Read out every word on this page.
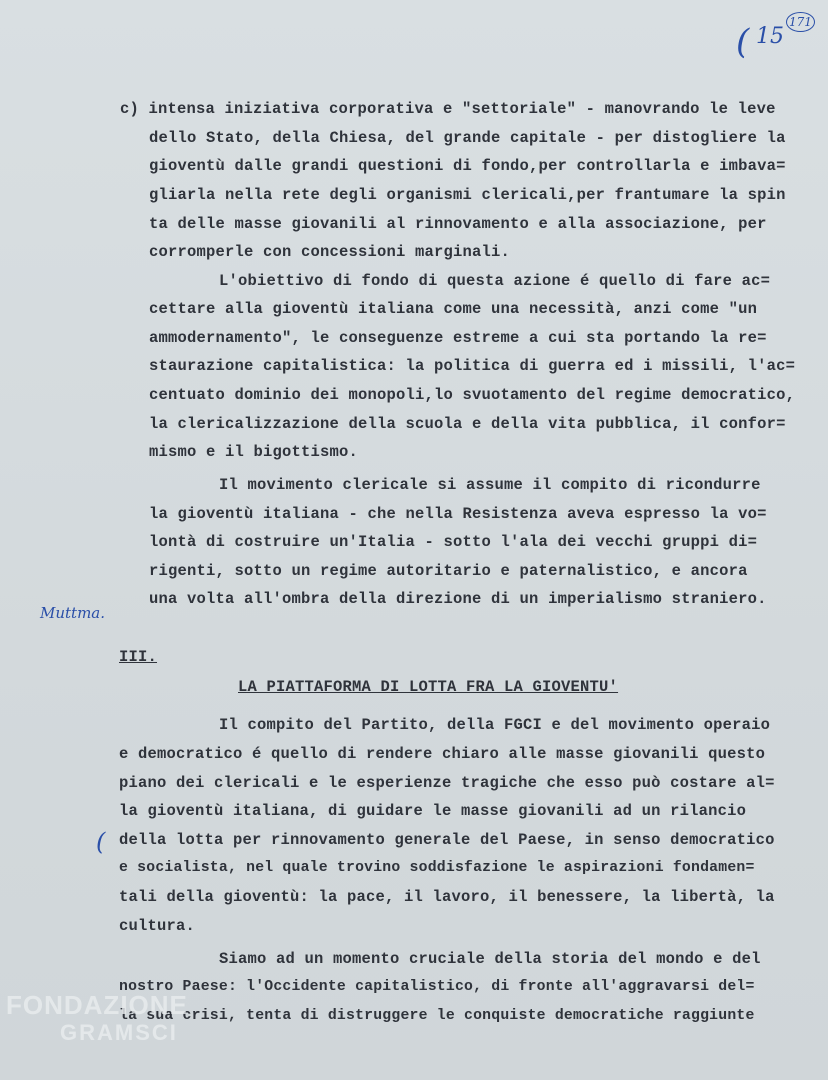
( 15
171
Muttma.
(
c) intensa iniziativa corporativa e "settoriale" - manovrando le leve
dello Stato, della Chiesa, del grande capitale - per distogliere la
gioventù dalle grandi questioni di fondo,per controllarla e imbava=
gliarla nella rete degli organismi clericali,per frantumare la spin
ta delle masse giovanili al rinnovamento e alla associazione, per
corromperle con concessioni marginali.
L'obiettivo di fondo di questa azione é quello di fare ac=
cettare alla gioventù italiana come una necessità, anzi come "un
ammodernamento", le conseguenze estreme a cui sta portando la re=
staurazione capitalistica: la politica di guerra ed i missili, l'ac=
centuato dominio dei monopoli,lo svuotamento del regime democratico,
la clericalizzazione della scuola e della vita pubblica, il confor=
mismo e il bigottismo.
Il movimento clericale si assume il compito di ricondurre
la gioventù italiana - che nella Resistenza aveva espresso la vo=
lontà di costruire un'Italia - sotto l'ala dei vecchi gruppi di=
rigenti, sotto un regime autoritario e paternalistico, e ancora
una volta all'ombra della direzione di un imperialismo straniero.
III.
LA PIATTAFORMA DI LOTTA FRA LA GIOVENTU'
Il compito del Partito, della FGCI e del movimento operaio
e democratico é quello di rendere chiaro alle masse giovanili questo
piano dei clericali e le esperienze tragiche che esso può costare al=
la gioventù italiana, di guidare le masse giovanili ad un rilancio
della lotta per rinnovamento generale del Paese, in senso democratico
e socialista, nel quale trovino soddisfazione le aspirazioni fondamen=
tali della gioventù: la pace, il lavoro, il benessere, la libertà, la
cultura.
Siamo ad un momento cruciale della storia del mondo e del
nostro Paese: l'Occidente capitalistico, di fronte all'aggravarsi del=
la sua crisi, tenta di distruggere le conquiste democratiche raggiunte
FONDAZIONE
GRAMSCI
